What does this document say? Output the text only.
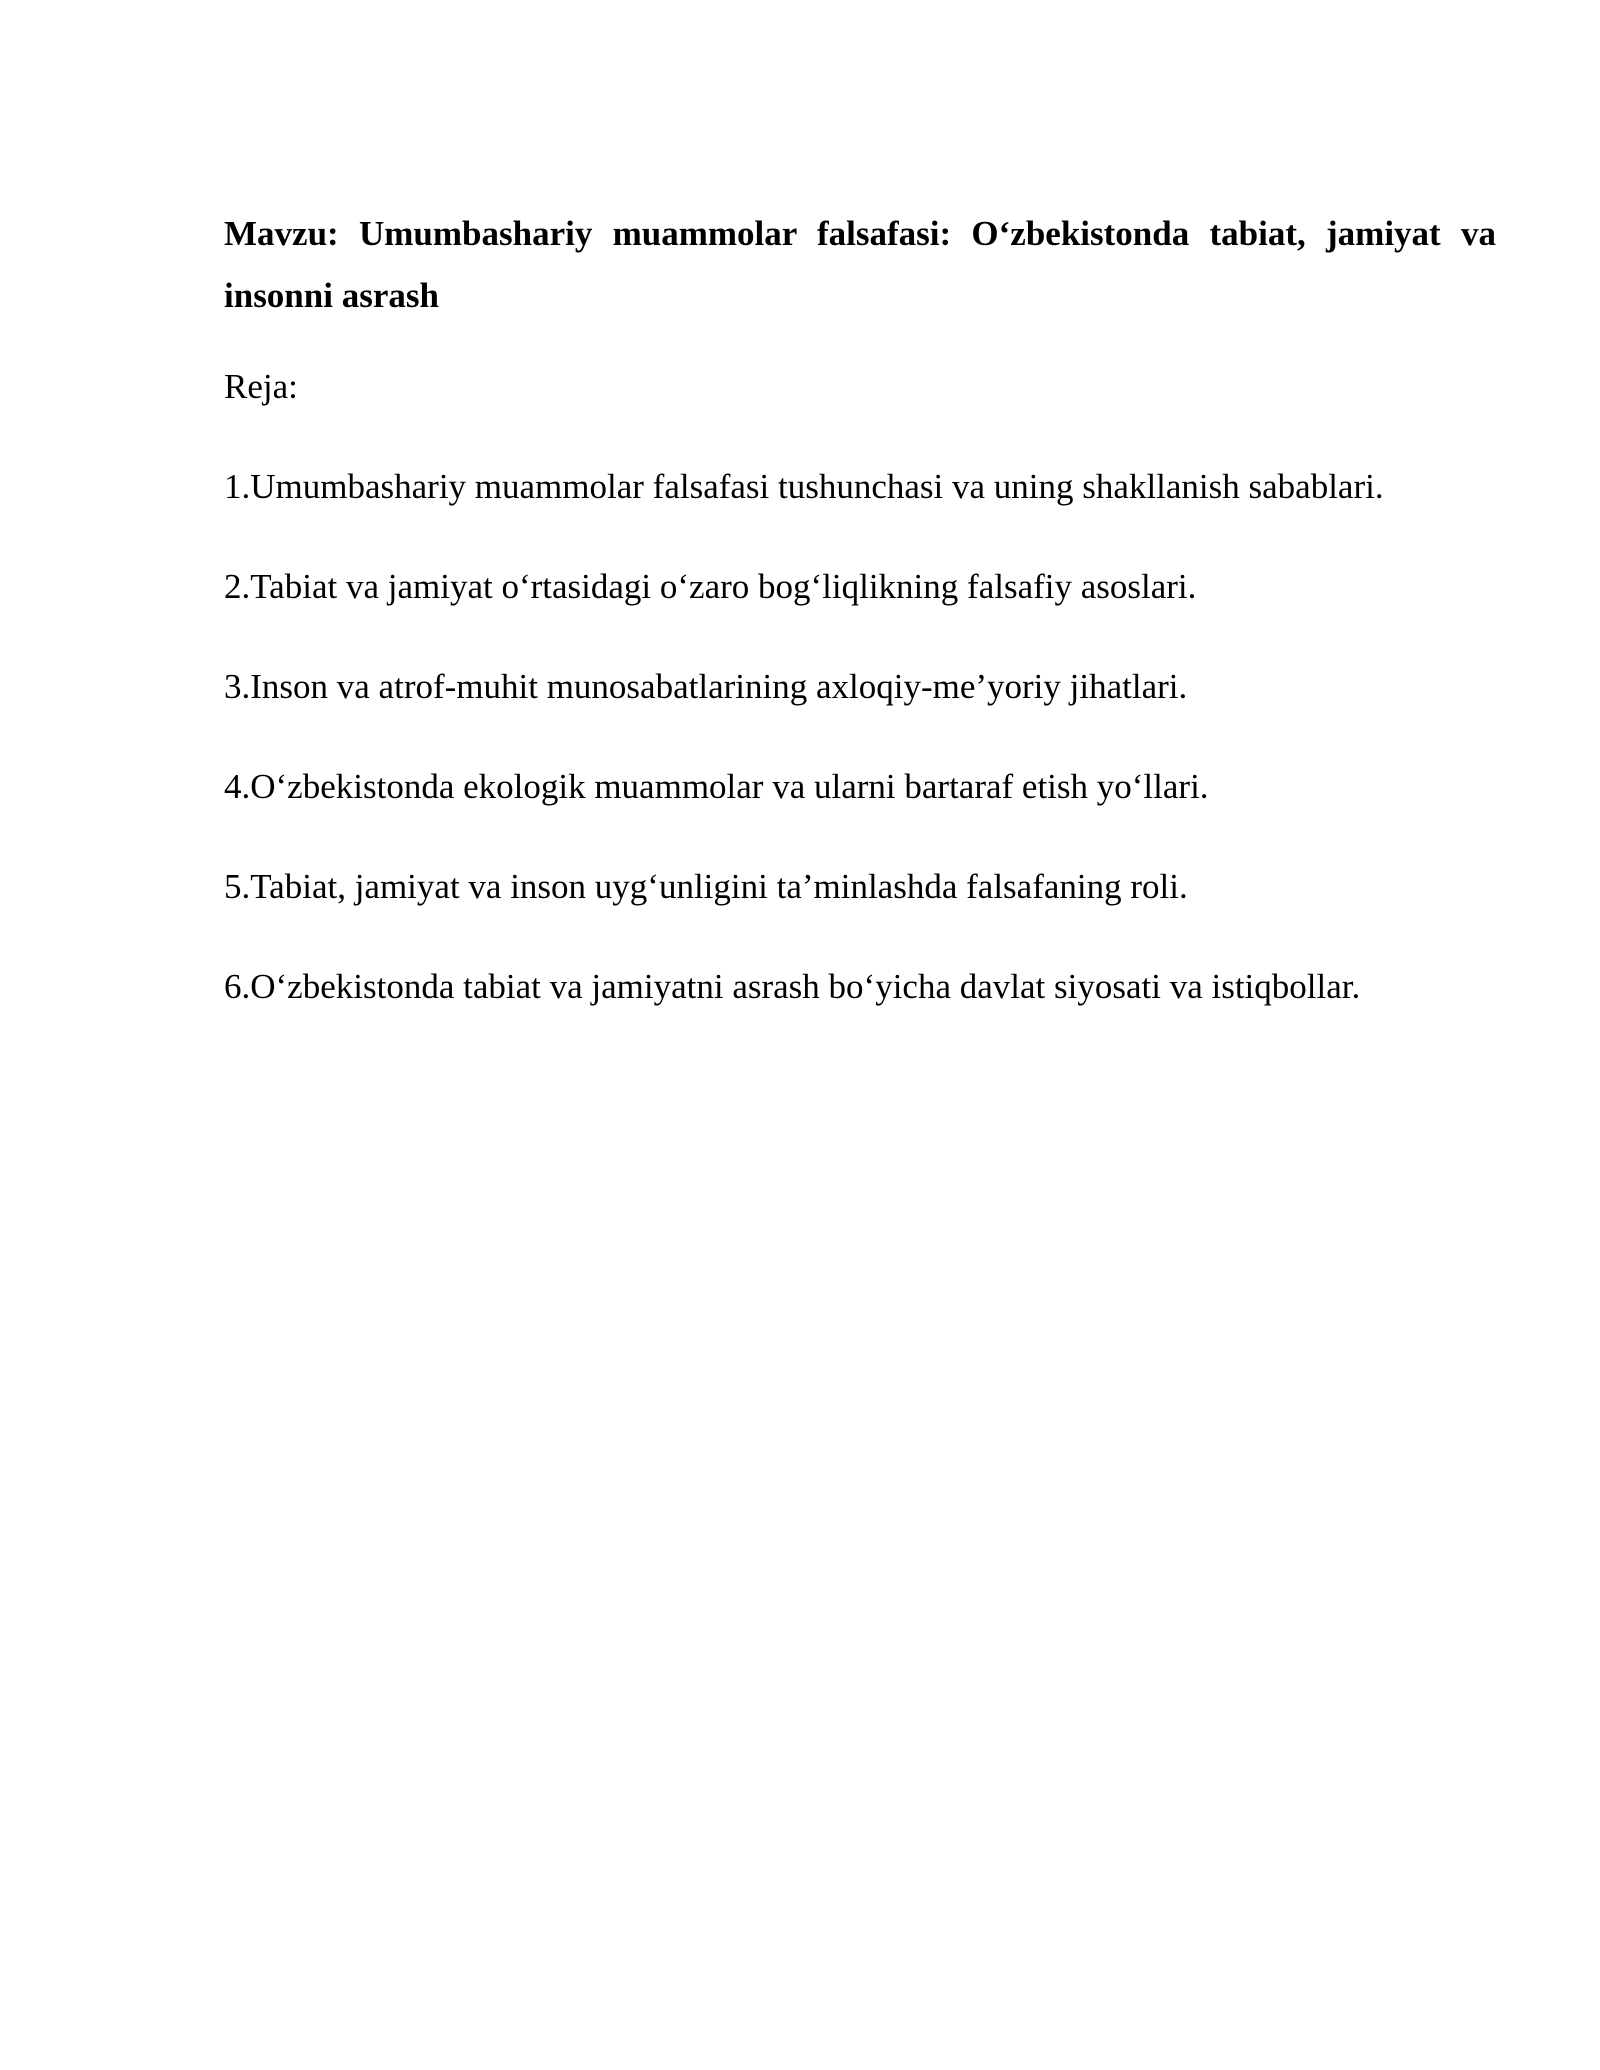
Mavzu: Umumbashariy muammolar falsafasi: O‘zbekistonda tabiat, jamiyat va insonni asrash

Reja:

1.Umumbashariy muammolar falsafasi tushunchasi va uning shakllanish sabablari.
2.Tabiat va jamiyat o‘rtasidagi o‘zaro bog‘liqlikning falsafiy asoslari.
3.Inson va atrof-muhit munosabatlarining axloqiy-me’yoriy jihatlari.
4.O‘zbekistonda ekologik muammolar va ularni bartaraf etish yo‘llari.
5.Tabiat, jamiyat va inson uyg‘unligini ta’minlashda falsafaning roli.
6.O‘zbekistonda tabiat va jamiyatni asrash bo‘yicha davlat siyosati va istiqbollar.
